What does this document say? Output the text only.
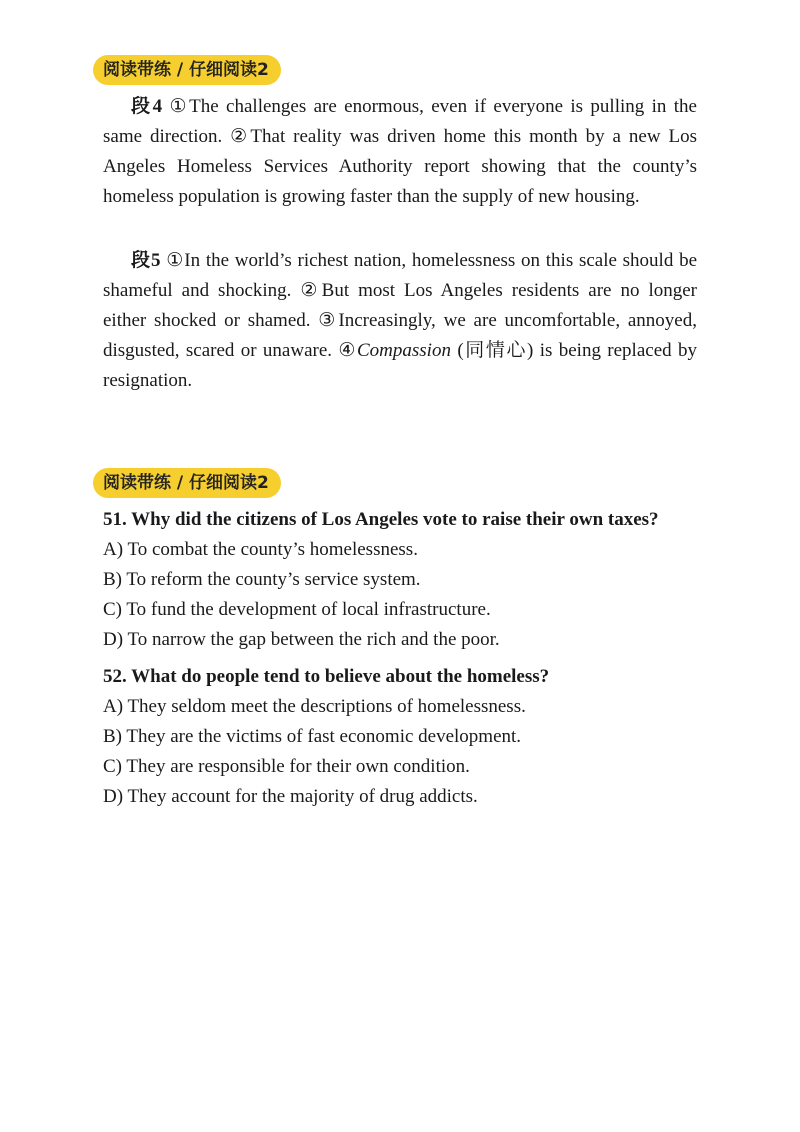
阅读带练 / 仔细阅读2

段4 ①The challenges are enormous, even if everyone is pulling in the same direction. ②That reality was driven home this month by a new Los Angeles Homeless Services Authority report showing that the county’s homeless population is growing faster than the supply of new housing.

段5 ①In the world’s richest nation, homelessness on this scale should be shameful and shocking. ②But most Los Angeles residents are no longer either shocked or shamed. ③Increasingly, we are uncomfortable, annoyed, disgusted, scared or unaware. ④Compassion (同情心) is being replaced by resignation.

阅读带练 / 仔细阅读2
51. Why did the citizens of Los Angeles vote to raise their own taxes?
A) To combat the county’s homelessness.
B) To reform the county’s service system.
C) To fund the development of local infrastructure.
D) To narrow the gap between the rich and the poor.
52. What do people tend to believe about the homeless?
A) They seldom meet the descriptions of homelessness.
B) They are the victims of fast economic development.
C) They are responsible for their own condition.
D) They account for the majority of drug addicts.
